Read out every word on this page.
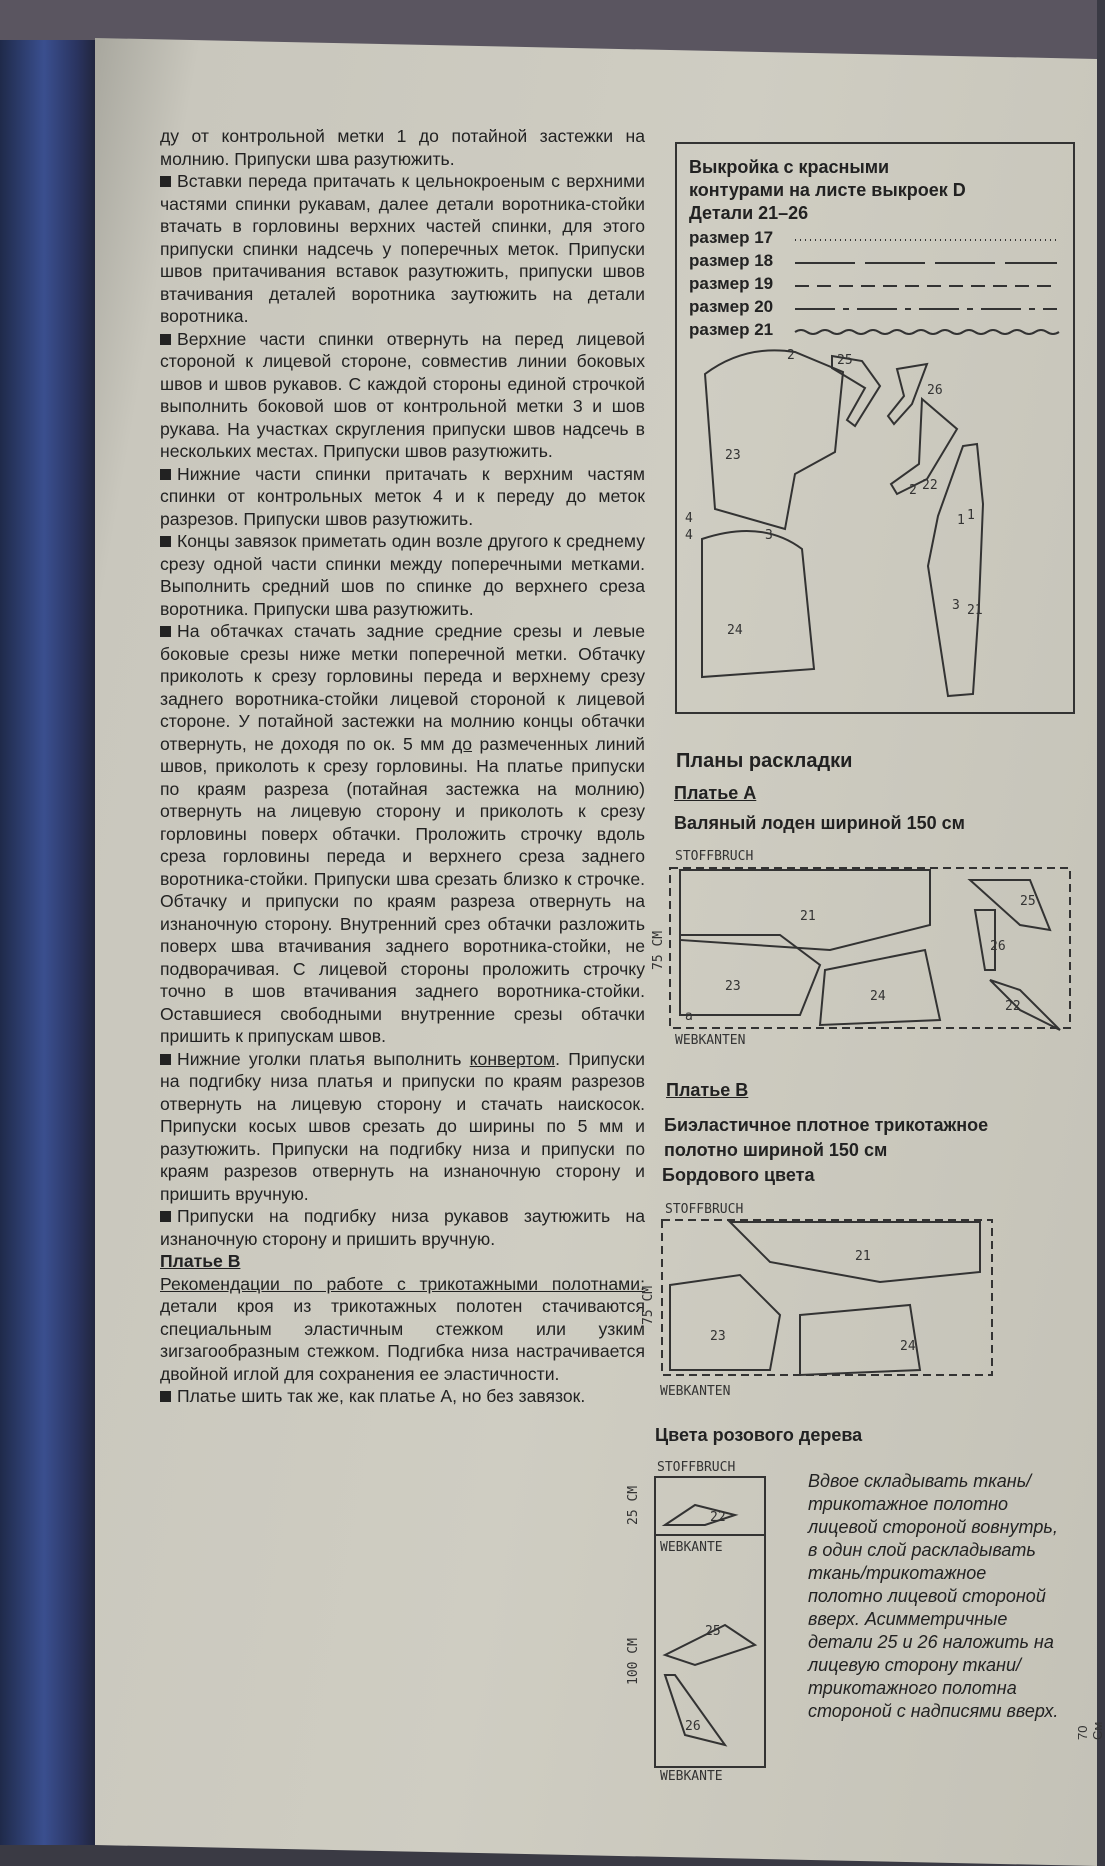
ду от контрольной метки 1 до потайной застежки на молнию. Припуски шва разутюжить.

Вставки переда притачать к цельнокроеным с верхними частями спинки рукавам, далее детали воротника-стойки втачать в горловины верхних частей спинки, для этого припуски спинки надсечь у поперечных меток. Припуски швов притачивания вставок разутюжить, припуски швов втачивания деталей воротника заутюжить на детали воротника.

Верхние части спинки отвернуть на перед лицевой стороной к лицевой стороне, совместив линии боковых швов и швов рукавов. С каждой стороны единой строчкой выполнить боковой шов от контрольной метки 3 и шов рукава. На участках скругления припуски швов надсечь в нескольких местах. Припуски швов разутюжить.

Нижние части спинки притачать к верхним частям спинки от контрольных меток 4 и к переду до меток разрезов. Припуски швов разутюжить.

Концы завязок приметать один возле другого к среднему срезу одной части спинки между поперечными метками. Выполнить средний шов по спинке до верхнего среза воротника. Припуски шва разутюжить.

На обтачках стачать задние средние срезы и левые боковые срезы ниже метки поперечной метки. Обтачку приколоть к срезу горловины переда и верхнему срезу заднего воротника-стойки лицевой стороной к лицевой стороне. У потайной застежки на молнию концы обтачки отвернуть, не доходя по ок. 5 мм до размеченных линий швов, приколоть к срезу горловины. На платье припуски по краям разреза (потайная застежка на молнию) отвернуть на лицевую сторону и приколоть к срезу горловины поверх обтачки. Проложить строчку вдоль среза горловины переда и верхнего среза заднего воротника-стойки. Припуски шва срезать близко к строчке. Обтачку и припуски по краям разреза отвернуть на изнаночную сторону. Внутренний срез обтачки разложить поверх шва втачивания заднего воротника-стойки, не подворачивая. С лицевой стороны проложить строчку точно в шов втачивания заднего воротника-стойки. Оставшиеся свободными внутренние срезы обтачки пришить к припускам швов.

Нижние уголки платья выполнить конвертом. Припуски на подгибку низа платья и припуски по краям разрезов отвернуть на лицевую сторону и стачать наискосок. Припуски косых швов срезать до ширины по 5 мм и разутюжить. Припуски на подгибку низа и припуски по краям разрезов отвернуть на изнаночную сторону и пришить вручную.

Припуски на подгибку низа рукавов заутюжить на изнаночную сторону и пришить вручную.

Платье В

Рекомендации по работе с трикотажными полотнами: детали кроя из трикотажных полотен стачиваются специальным эластичным стежком или узким зигзагообразным стежком. Подгибка низа настрачивается двойной иглой для сохранения ее эластичности.

Платье шить так же, как платье А, но без завязок.

Выкройка с красными
контурами на листе выкроек D
Детали 21–26
размер 17
размер 18
размер 19
размер 20
размер 21
23
24
25
26
22
21
2
2
3
3
4
4
1 1
Планы раскладки
Платье А
Валяный лоден шириной 150 см
STOFFBRUCH
WEBKANTEN
75 CM
21
23
24
25
26
22
a
Платье В
Биэластичное плотное трикотажное
полотно шириной 150 см
Бордового цвета
STOFFBRUCH
WEBKANTEN
75 CM
21
23
24
Цвета розового дерева
STOFFBRUCH
WEBKANTE
WEBKANTE
25 CM
100 CM
22
25
26
Вдвое складывать ткань/ трикотажное полотно лицевой стороной вовнутрь, в один слой раскладывать ткань/трикотажное полотно лицевой стороной вверх. Асимметричные детали 25 и 26 наложить на лицевую сторону ткани/трикотажного полотна стороной с надписями вверх.
70 См
